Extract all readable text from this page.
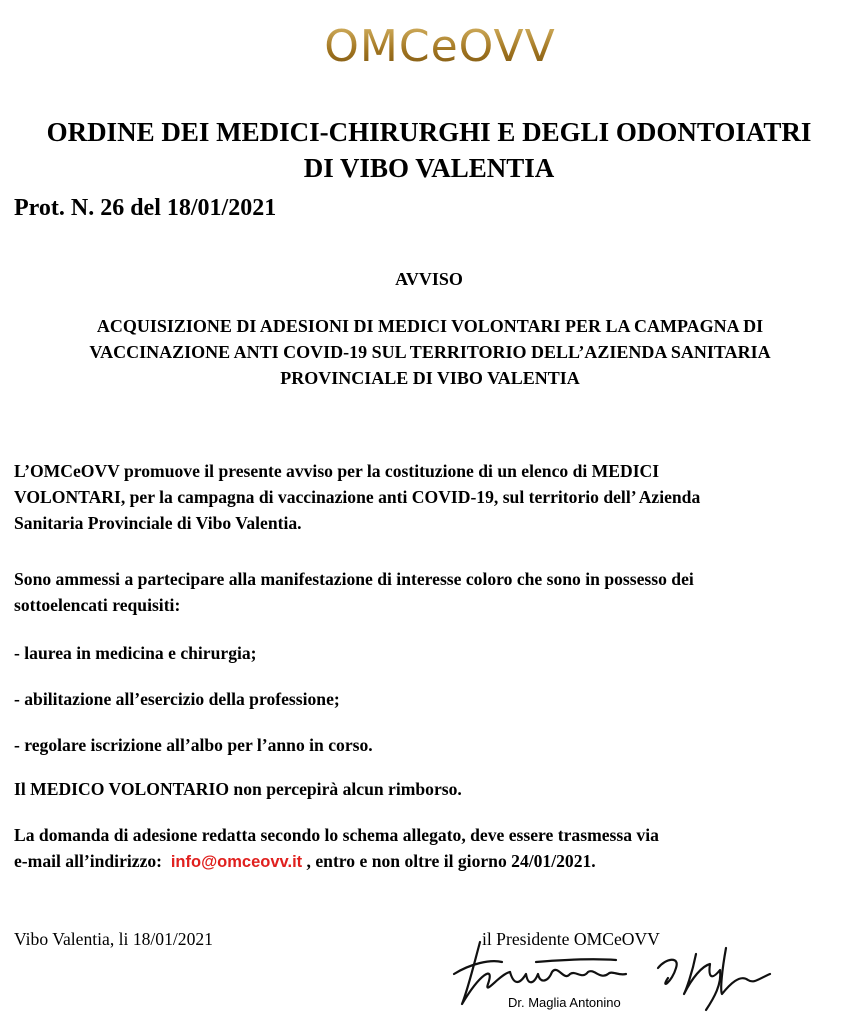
OMCeOVV
ORDINE DEI MEDICI-CHIRURGHI E DEGLI ODONTOIATRI
DI VIBO VALENTIA
Prot. N. 26 del 18/01/2021
AVVISO
ACQUISIZIONE DI ADESIONI DI MEDICI VOLONTARI PER LA CAMPAGNA DI
VACCINAZIONE ANTI COVID-19 SUL TERRITORIO DELL’AZIENDA SANITARIA
PROVINCIALE DI VIBO VALENTIA
L’OMCeOVV promuove il presente avviso per la costituzione di un elenco di MEDICI
VOLONTARI, per la campagna di vaccinazione anti COVID-19, sul territorio dell’ Azienda
Sanitaria Provinciale di Vibo Valentia.
Sono ammessi a partecipare alla manifestazione di interesse coloro che sono in possesso dei
sottoelencati requisiti:
- laurea in medicina e chirurgia;
- abilitazione all’esercizio della professione;
- regolare iscrizione all’albo per l’anno in corso.
Il MEDICO VOLONTARIO non percepirà alcun rimborso.
La domanda di adesione redatta secondo lo schema allegato, deve essere trasmessa via
e-mail all’indirizzo:  info@omceovv.it , entro e non oltre il giorno 24/01/2021.
Vibo Valentia, li 18/01/2021	il Presidente OMCeOVV
Dr. Maglia Antonino
